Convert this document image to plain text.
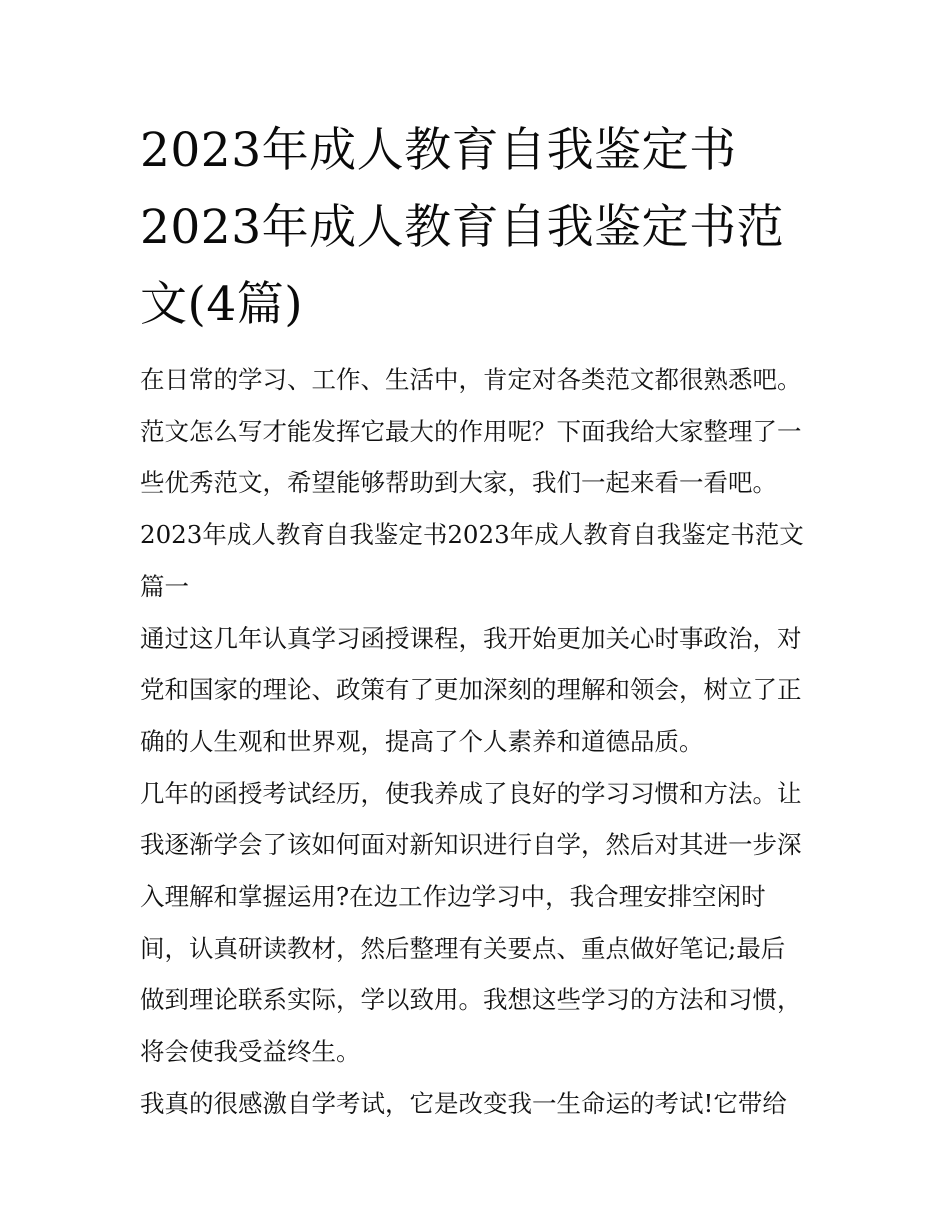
2023年成人教育自我鉴定书
2023年成人教育自我鉴定书范
文(4篇)
在日常的学习、工作、生活中，肯定对各类范文都很熟悉吧。
范文怎么写才能发挥它最大的作用呢？下面我给大家整理了一
些优秀范文，希望能够帮助到大家，我们一起来看一看吧。
2023年成人教育自我鉴定书2023年成人教育自我鉴定书范文
篇一
通过这几年认真学习函授课程，我开始更加关心时事政治，对
党和国家的理论、政策有了更加深刻的理解和领会，树立了正
确的人生观和世界观，提高了个人素养和道德品质。
几年的函授考试经历，使我养成了良好的学习习惯和方法。让
我逐渐学会了该如何面对新知识进行自学，然后对其进一步深
入理解和掌握运用?在边工作边学习中，我合理安排空闲时
间，认真研读教材，然后整理有关要点、重点做好笔记;最后
做到理论联系实际，学以致用。我想这些学习的方法和习惯，
将会使我受益终生。
我真的很感激自学考试，它是改变我一生命运的考试!它带给
